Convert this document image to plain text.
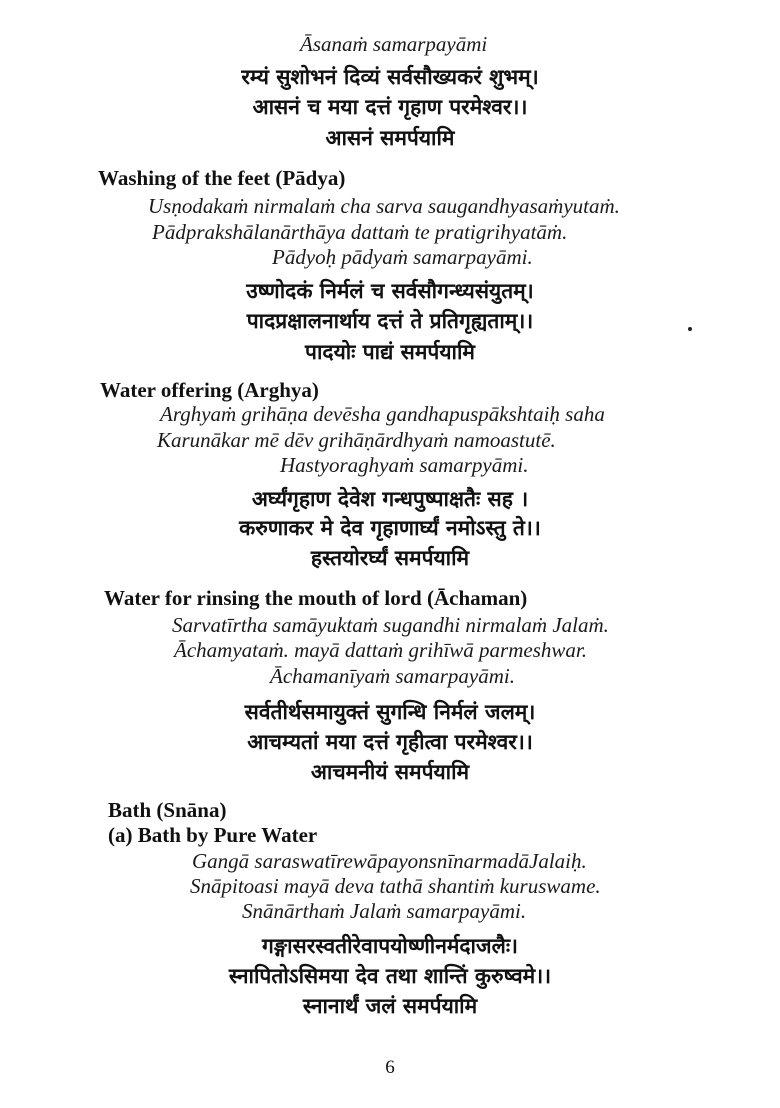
Āsanaṁ samarpayāmi
रम्यं सुशोभनं दिव्यं सर्वसौख्यकरं शुभम्।
आसनं च मया दत्तं गृहाण परमेश्वर।।
आसनं समर्पयामि
Washing of the feet (Pādya)
Usṇodakaṁ nirmalaṁ cha sarva saugandhyasaṁyutaṁ.
Pādprakshālanārthāya dattaṁ te pratigrihyatāṁ.
Pādyoḥ pādyaṁ samarpayāmi.
उष्णोदकं निर्मलं च सर्वसौगन्ध्यसंयुतम्।
पादप्रक्षालनार्थाय दत्तं ते प्रतिगृह्यताम्।।
पादयोः पाद्यं समर्पयामि
Water offering (Arghya)
Arghyaṁ grihāṇa devēsha gandhapuspākshtaiḥ saha
Karunākar mē dēv grihāṇārdhyaṁ namoastutē.
Hastyoraghyaṁ samarpyāmi.
अर्घ्यंगृहाण देवेश गन्धपुष्पाक्षतैः सह ।
करुणाकर मे देव गृहाणार्घ्यं नमोऽस्तु ते।।
हस्तयोरर्घ्यं समर्पयामि
Water for rinsing the mouth of lord (Āchaman)
Sarvatīrtha samāyuktaṁ sugandhi nirmalaṁ Jalaṁ.
Āchamyataṁ. mayā dattaṁ grihīwā parmeshwar.
Āchamanīyaṁ samarpayāmi.
सर्वतीर्थसमायुक्तं सुगन्धि निर्मलं जलम्।
आचम्यतां मया दत्तं गृहीत्वा परमेश्वर।।
आचमनीयं समर्पयामि
Bath (Snāna)
(a) Bath by Pure Water
Gangā saraswatīrewāpayonsnīnarmadāJalaiḥ.
Snāpitoasi mayā deva tathā shantiṁ kuruswame.
Snānārthaṁ Jalaṁ samarpayāmi.
गङ्गासरस्वतीरेवापयोष्णीनर्मदाजलैः।
स्नापितोऽसिमया देव तथा शान्तिं कुरुष्वमे।।
स्नानार्थं जलं समर्पयामि
6
